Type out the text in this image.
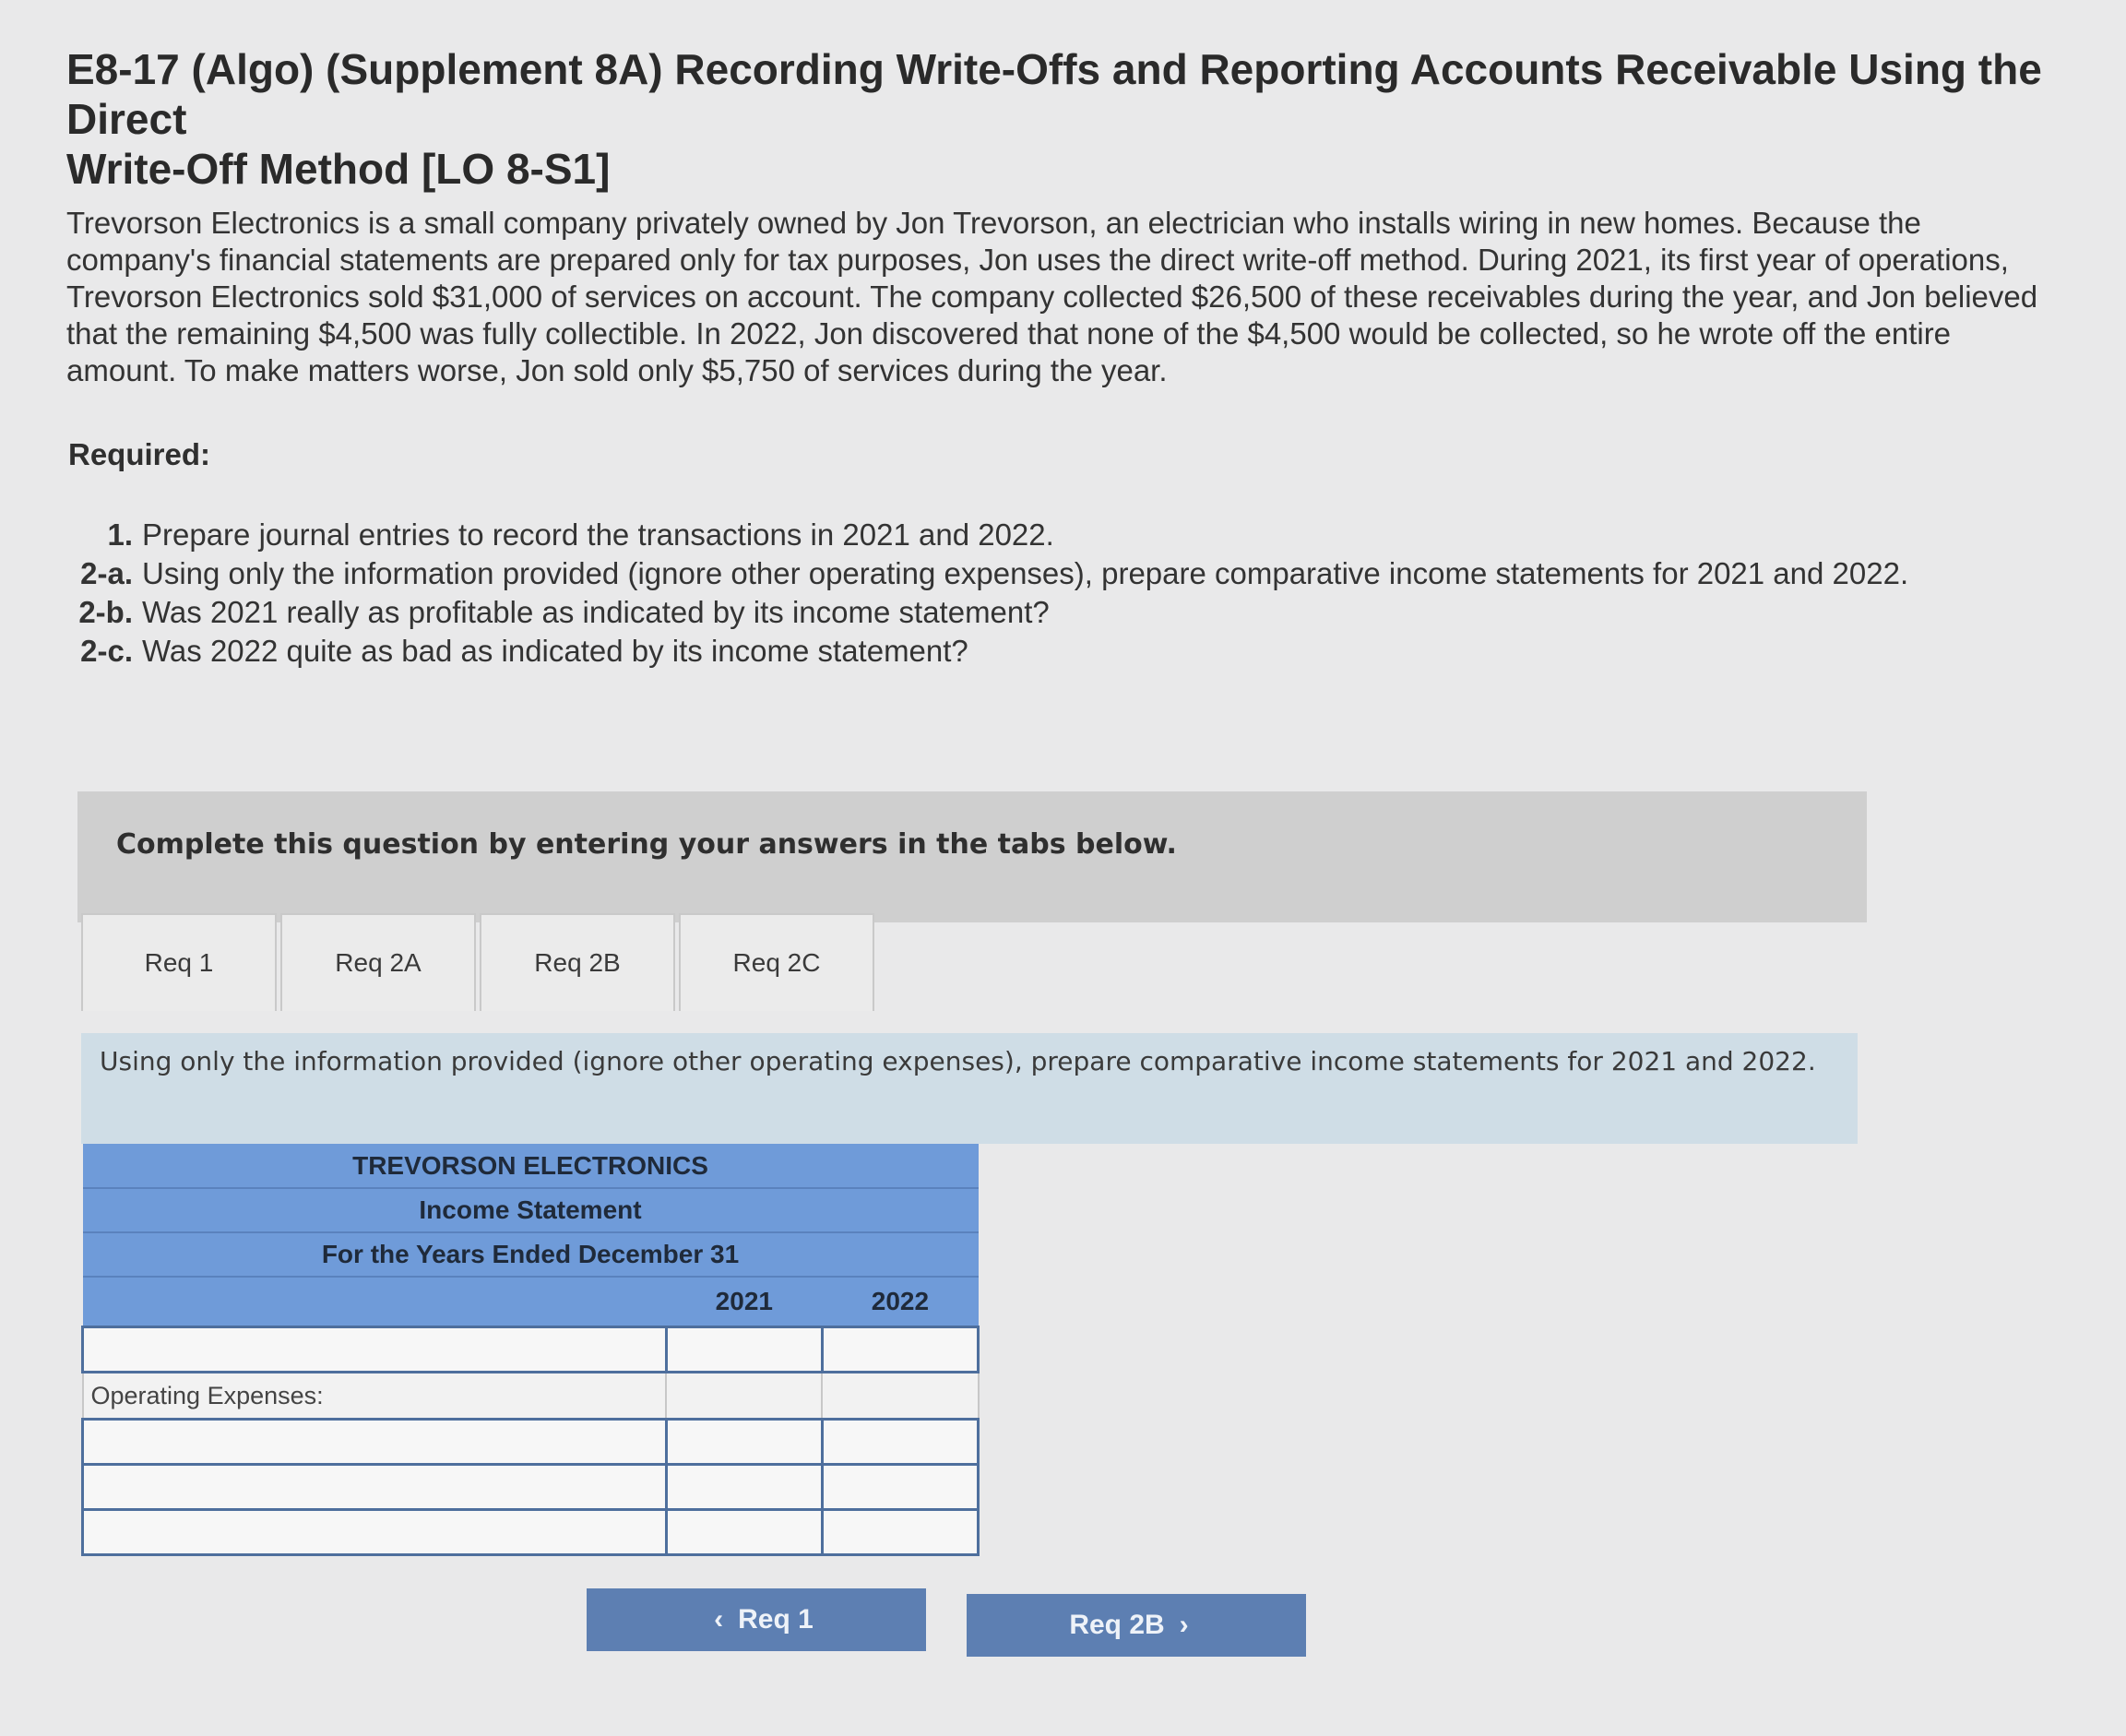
E8-17 (Algo) (Supplement 8A) Recording Write-Offs and Reporting Accounts Receivable Using the Direct
Write-Off Method [LO 8-S1]
Trevorson Electronics is a small company privately owned by Jon Trevorson, an electrician who installs wiring in new homes. Because the company's financial statements are prepared only for tax purposes, Jon uses the direct write-off method. During 2021, its first year of operations, Trevorson Electronics sold $31,000 of services on account. The company collected $26,500 of these receivables during the year, and Jon believed that the remaining $4,500 was fully collectible. In 2022, Jon discovered that none of the $4,500 would be collected, so he wrote off the entire amount. To make matters worse, Jon sold only $5,750 of services during the year.
Required:
1. Prepare journal entries to record the transactions in 2021 and 2022.
2-a. Using only the information provided (ignore other operating expenses), prepare comparative income statements for 2021 and 2022.
2-b. Was 2021 really as profitable as indicated by its income statement?
2-c. Was 2022 quite as bad as indicated by its income statement?
Complete this question by entering your answers in the tabs below.
Req 1	Req 2A	Req 2B	Req 2C
Using only the information provided (ignore other operating expenses), prepare comparative income statements for 2021 and 2022.
TREVORSON ELECTRONICS		
Income Statement		
For the Years Ended December 31		
	2021	2022

Operating Expenses:		

‹ Req 1	Req 2B ›
